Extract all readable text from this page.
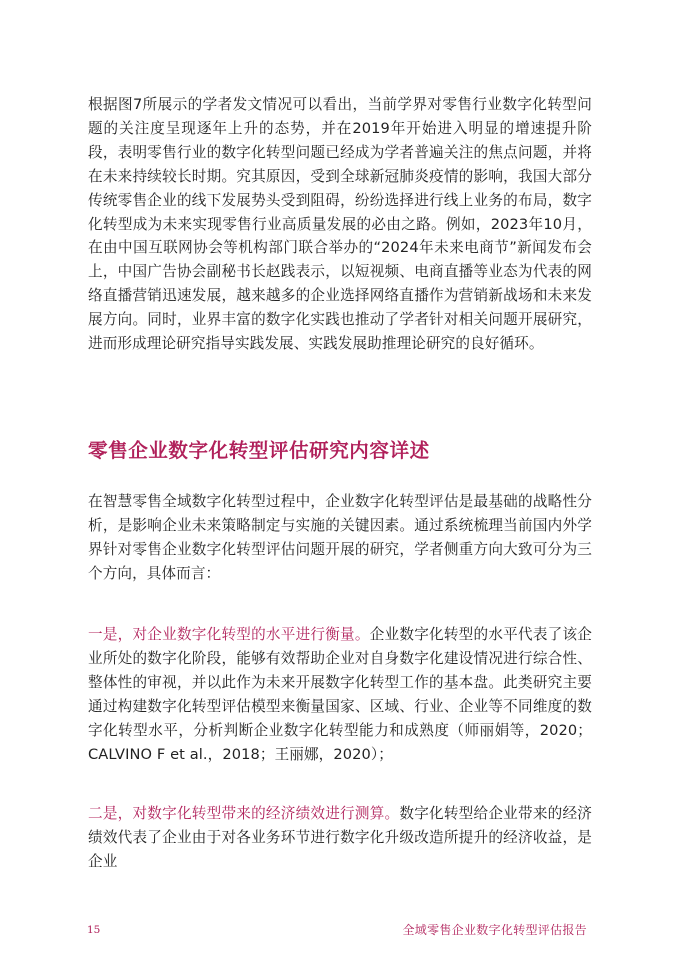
根据图7所展示的学者发文情况可以看出，当前学界对零售行业数字化转型问题的关注度呈现逐年上升的态势，并在2019年开始进入明显的增速提升阶段，表明零售行业的数字化转型问题已经成为学者普遍关注的焦点问题，并将在未来持续较长时期。究其原因，受到全球新冠肺炎疫情的影响，我国大部分传统零售企业的线下发展势头受到阻碍，纷纷选择进行线上业务的布局，数字化转型成为未来实现零售行业高质量发展的必由之路。例如，2023年10月，在由中国互联网协会等机构部门联合举办的“2024年未来电商节”新闻发布会上，中国广告协会副秘书长赵践表示，以短视频、电商直播等业态为代表的网络直播营销迅速发展，越来越多的企业选择网络直播作为营销新战场和未来发展方向。同时，业界丰富的数字化实践也推动了学者针对相关问题开展研究，进而形成理论研究指导实践发展、实践发展助推理论研究的良好循环。

零售企业数字化转型评估研究内容详述

在智慧零售全域数字化转型过程中，企业数字化转型评估是最基础的战略性分析，是影响企业未来策略制定与实施的关键因素。通过系统梳理当前国内外学界针对零售企业数字化转型评估问题开展的研究，学者侧重方向大致可分为三个方向，具体而言：

一是，对企业数字化转型的水平进行衡量。企业数字化转型的水平代表了该企业所处的数字化阶段，能够有效帮助企业对自身数字化建设情况进行综合性、整体性的审视，并以此作为未来开展数字化转型工作的基本盘。此类研究主要通过构建数字化转型评估模型来衡量国家、区域、行业、企业等不同维度的数字化转型水平，分析判断企业数字化转型能力和成熟度（师丽娟等，2020；CALVINO F et al.，2018；王丽娜，2020）；

二是，对数字化转型带来的经济绩效进行测算。数字化转型给企业带来的经济绩效代表了企业由于对各业务环节进行数字化升级改造所提升的经济收益，是企业

15	全域零售企业数字化转型评估报告
